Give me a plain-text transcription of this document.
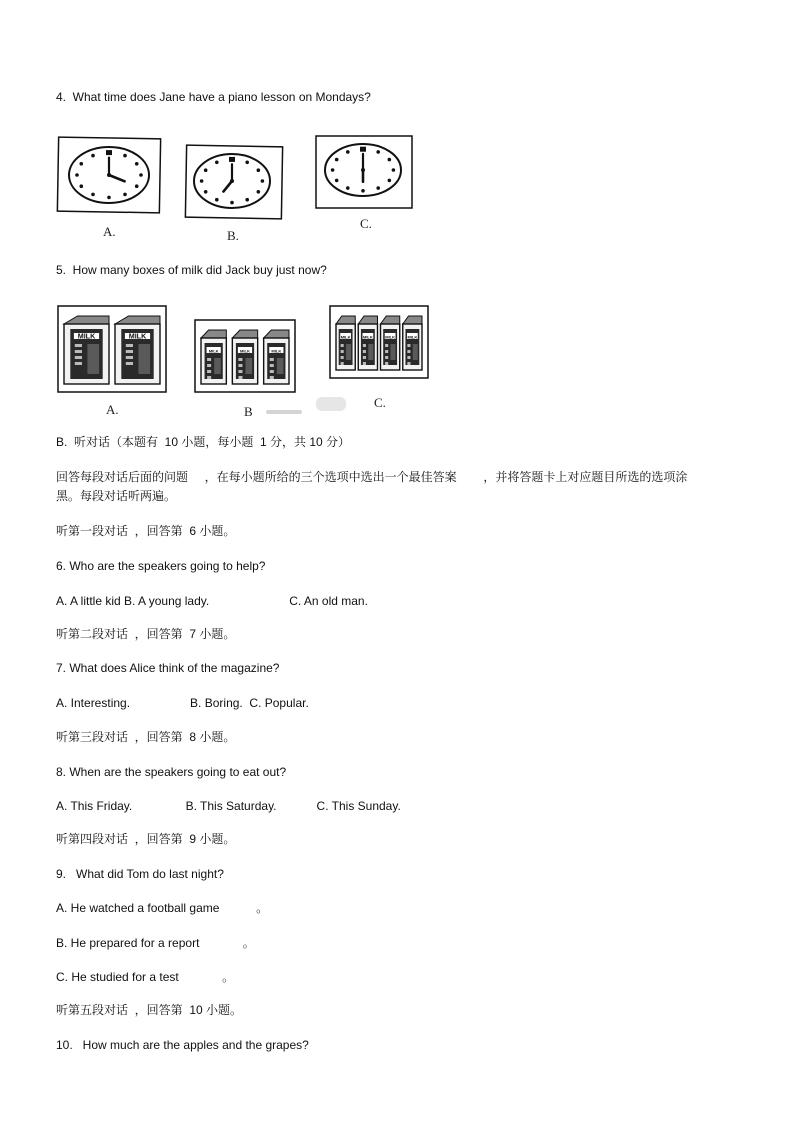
4.  What time does Jane have a piano lesson on Mondays?
A.	B.
C.
5.  How many boxes of milk did Jack buy just now?
MILK	MILK
A.
MILK	MILK	MILK
B
MILK	MILK	MILK	MILK
C.
B.  听对话（本题有  10 小题，每小题  1 分，共 10 分）
回答每段对话后面的问题     ，在每小题所给的三个选项中选出一个最佳答案        ，并将答题卡上对应题目所选的选项涂
黑。每段对话听两遍。
听第一段对话  ，回答第  6 小题。
6. Who are the speakers going to help?
A. A little kid B. A young lady.                        C. An old man.
听第二段对话  ，回答第  7 小题。
7. What does Alice think of the magazine?
A. Interesting.                  B. Boring.  C. Popular.
听第三段对话  ，回答第  8 小题。
8. When are the speakers going to eat out?
A. This Friday.                B. This Saturday.            C. This Sunday.
听第四段对话  ，回答第  9 小题。
9.   What did Tom do last night?
A. He watched a football game           。
B. He prepared for a report             。
C. He studied for a test             。
听第五段对话  ，回答第  10 小题。
10.   How much are the apples and the grapes?
